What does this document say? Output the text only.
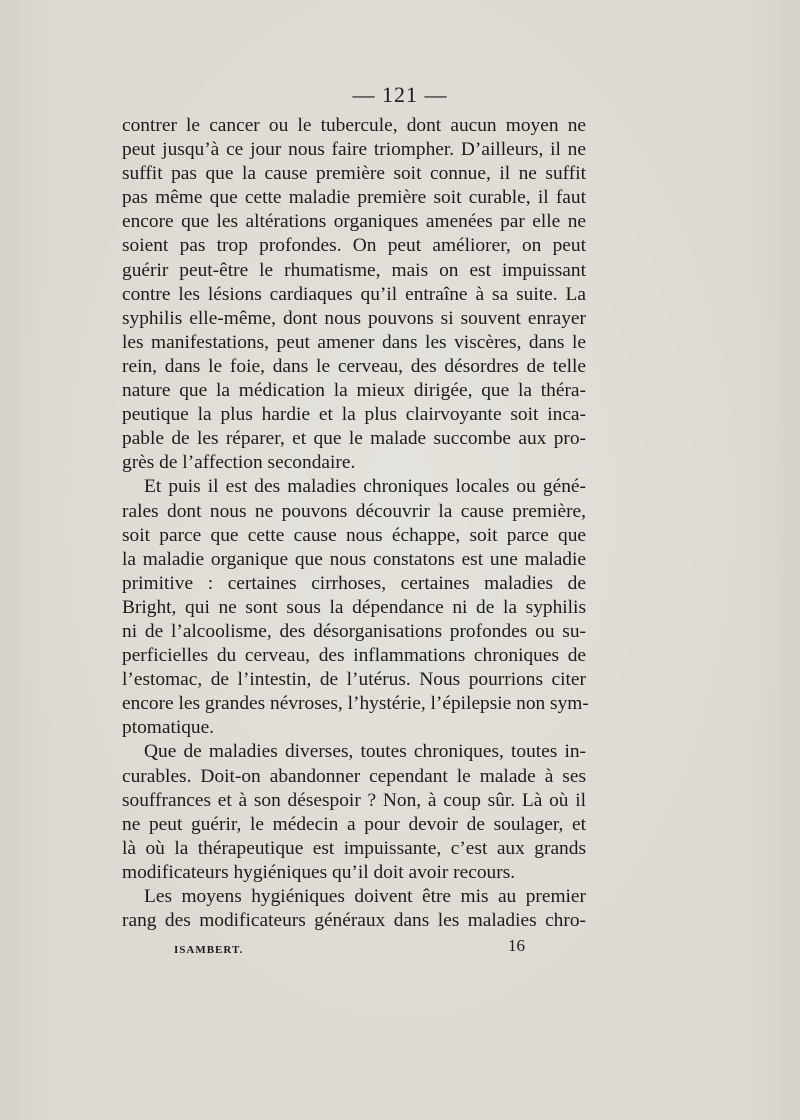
— 121 —
contrer le cancer ou le tubercule, dont aucun moyen ne
peut jusqu’à ce jour nous faire triompher. D’ailleurs, il ne
suffit pas que la cause première soit connue, il ne suffit
pas même que cette maladie première soit curable, il faut
encore que les altérations organiques amenées par elle ne
soient pas trop profondes. On peut améliorer, on peut
guérir peut-être le rhumatisme, mais on est impuissant
contre les lésions cardiaques qu’il entraîne à sa suite. La
syphilis elle-même, dont nous pouvons si souvent enrayer
les manifestations, peut amener dans les viscères, dans le
rein, dans le foie, dans le cerveau, des désordres de telle
nature que la médication la mieux dirigée, que la théra-
peutique la plus hardie et la plus clairvoyante soit inca-
pable de les réparer, et que le malade succombe aux pro-
grès de l’affection secondaire.
Et puis il est des maladies chroniques locales ou géné-
rales dont nous ne pouvons découvrir la cause première,
soit parce que cette cause nous échappe, soit parce que
la maladie organique que nous constatons est une maladie
primitive : certaines cirrhoses, certaines maladies de
Bright, qui ne sont sous la dépendance ni de la syphilis
ni de l’alcoolisme, des désorganisations profondes ou su-
perficielles du cerveau, des inflammations chroniques de
l’estomac, de l’intestin, de l’utérus. Nous pourrions citer
encore les grandes névroses, l’hystérie, l’épilepsie non sym-
ptomatique.
Que de maladies diverses, toutes chroniques, toutes in-
curables. Doit-on abandonner cependant le malade à ses
souffrances et à son désespoir ? Non, à coup sûr. Là où il
ne peut guérir, le médecin a pour devoir de soulager, et
là où la thérapeutique est impuissante, c’est aux grands
modificateurs hygiéniques qu’il doit avoir recours.
Les moyens hygiéniques doivent être mis au premier
rang des modificateurs généraux dans les maladies chro-
ISAMBERT.	16
